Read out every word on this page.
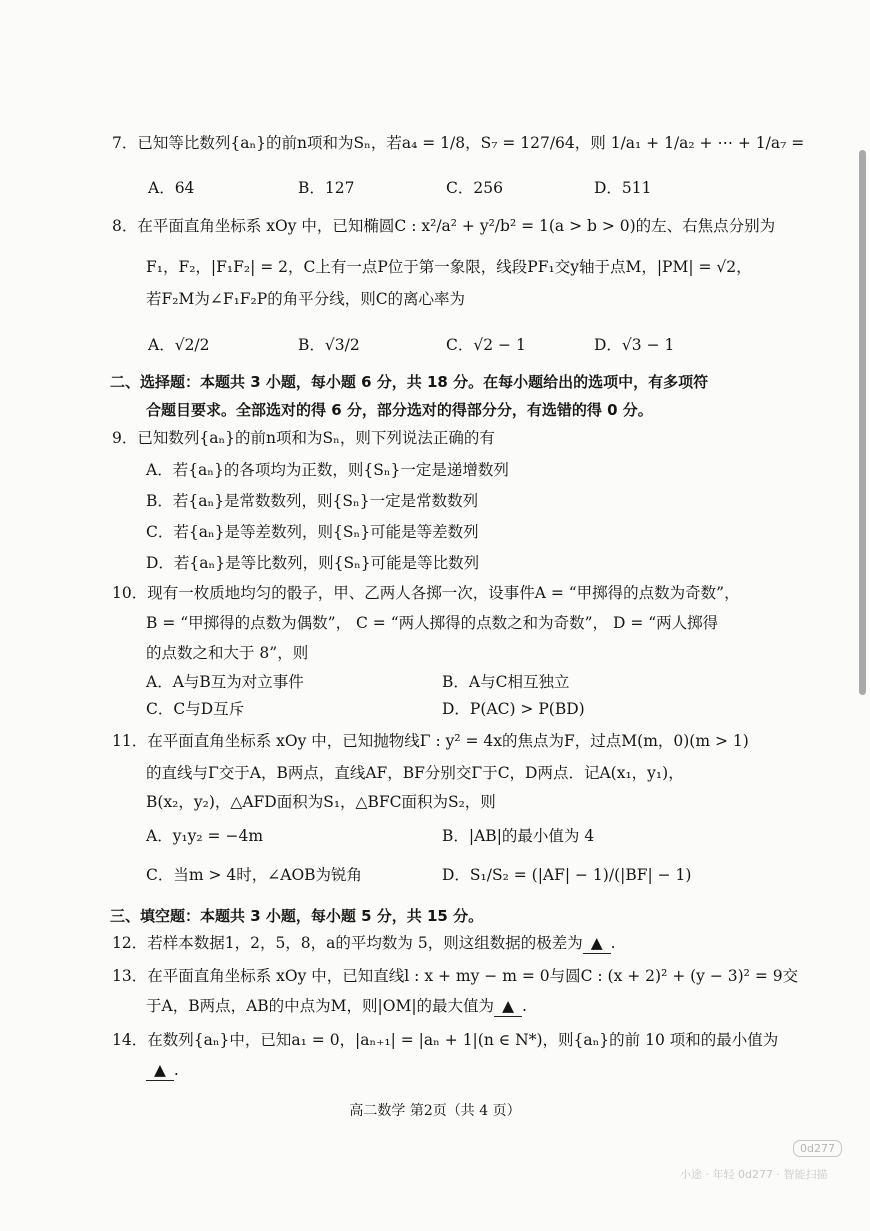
7．已知等比数列{aₙ}的前n项和为Sₙ，若a₄ = 1/8，S₇ = 127/64，则 1/a₁ + 1/a₂ + ⋯ + 1/a₇ =
A．64	B．127	C．256	D．511
8．在平面直角坐标系 xOy 中，已知椭圆C : x²/a² + y²/b² = 1(a > b > 0)的左、右焦点分别为
F₁，F₂，|F₁F₂| = 2，C上有一点P位于第一象限，线段PF₁交y轴于点M，|PM| = √2，
若F₂M为∠F₁F₂P的角平分线，则C的离心率为
A．√2/2	B．√3/2	C．√2 − 1	D．√3 − 1
二、选择题：本题共 3 小题，每小题 6 分，共 18 分。在每小题给出的选项中，有多项符
合题目要求。全部选对的得 6 分，部分选对的得部分分，有选错的得 0 分。
9．已知数列{aₙ}的前n项和为Sₙ，则下列说法正确的有
A．若{aₙ}的各项均为正数，则{Sₙ}一定是递增数列
B．若{aₙ}是常数数列，则{Sₙ}一定是常数数列
C．若{aₙ}是等差数列，则{Sₙ}可能是等差数列
D．若{aₙ}是等比数列，则{Sₙ}可能是等比数列
10．现有一枚质地均匀的骰子，甲、乙两人各掷一次，设事件A = “甲掷得的点数为奇数”，
B = “甲掷得的点数为偶数”， C = “两人掷得的点数之和为奇数”， D = “两人掷得
的点数之和大于 8”，则
A．A与B互为对立事件	B．A与C相互独立
C．C与D互斥	D．P(AC) > P(BD)
11．在平面直角坐标系 xOy 中，已知抛物线Γ : y² = 4x的焦点为F，过点M(m，0)(m > 1)
的直线与Γ交于A，B两点，直线AF，BF分别交Γ于C，D两点．记A(x₁，y₁)，
B(x₂，y₂)，△AFD面积为S₁，△BFC面积为S₂，则
A．y₁y₂ = −4m	B．|AB|的最小值为 4
C．当m > 4时，∠AOB为锐角	D．S₁/S₂ = (|AF| − 1)/(|BF| − 1)
三、填空题：本题共 3 小题，每小题 5 分，共 15 分。
12．若样本数据1，2，5，8，a的平均数为 5，则这组数据的极差为 ▲ .
13．在平面直角坐标系 xOy 中，已知直线l : x + my − m = 0与圆C : (x + 2)² + (y − 3)² = 9交
于A，B两点，AB的中点为M，则|OM|的最大值为 ▲ .
14．在数列{aₙ}中，已知a₁ = 0，|aₙ₊₁| = |aₙ + 1|(n ∈ N*)，则{aₙ}的前 10 项和的最小值为
▲ .
高二数学 第2页（共 4 页）
0d277
小途 · 年轻 0d277 · 智能扫描
